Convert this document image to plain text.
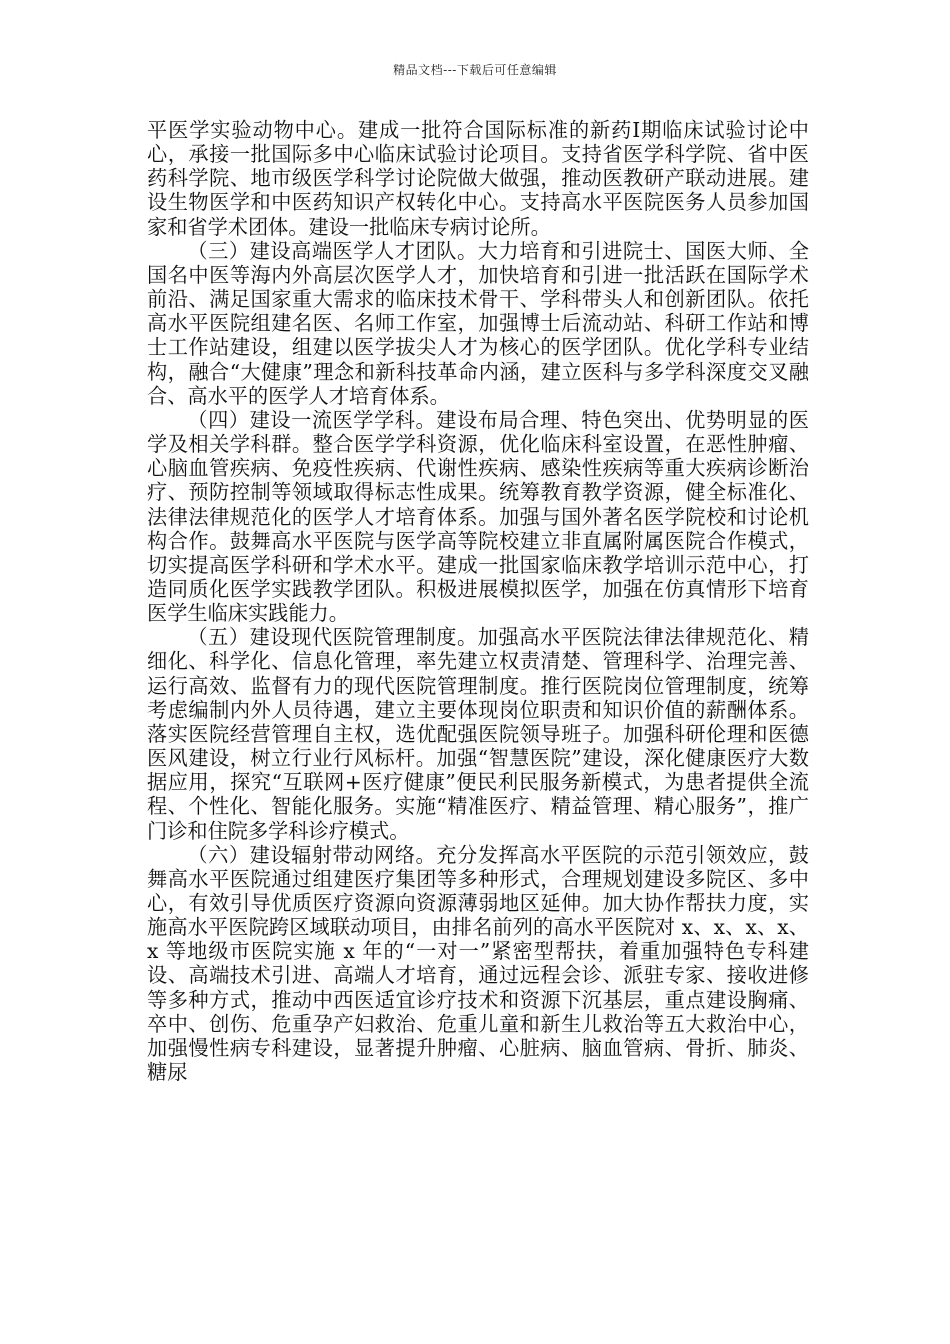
精品文档---下载后可任意编辑

平医学实验动物中心。建成一批符合国际标准的新药Ⅰ期临床试验讨论中心，承接一批国际多中心临床试验讨论项目。支持省医学科学院、省中医药科学院、地市级医学科学讨论院做大做强，推动医教研产联动进展。建设生物医学和中医药知识产权转化中心。支持高水平医院医务人员参加国家和省学术团体。建设一批临床专病讨论所。

（三）建设高端医学人才团队。大力培育和引进院士、国医大师、全国名中医等海内外高层次医学人才，加快培育和引进一批活跃在国际学术前沿、满足国家重大需求的临床技术骨干、学科带头人和创新团队。依托高水平医院组建名医、名师工作室，加强博士后流动站、科研工作站和博士工作站建设，组建以医学拔尖人才为核心的医学团队。优化学科专业结构，融合“大健康”理念和新科技革命内涵，建立医科与多学科深度交叉融合、高水平的医学人才培育体系。

（四）建设一流医学学科。建设布局合理、特色突出、优势明显的医学及相关学科群。整合医学学科资源，优化临床科室设置，在恶性肿瘤、心脑血管疾病、免疫性疾病、代谢性疾病、感染性疾病等重大疾病诊断治疗、预防控制等领域取得标志性成果。统筹教育教学资源，健全标准化、法律法律规范化的医学人才培育体系。加强与国外著名医学院校和讨论机构合作。鼓舞高水平医院与医学高等院校建立非直属附属医院合作模式，切实提高医学科研和学术水平。建成一批国家临床教学培训示范中心，打造同质化医学实践教学团队。积极进展模拟医学，加强在仿真情形下培育医学生临床实践能力。

（五）建设现代医院管理制度。加强高水平医院法律法律规范化、精细化、科学化、信息化管理，率先建立权责清楚、管理科学、治理完善、运行高效、监督有力的现代医院管理制度。推行医院岗位管理制度，统筹考虑编制内外人员待遇，建立主要体现岗位职责和知识价值的薪酬体系。落实医院经营管理自主权，选优配强医院领导班子。加强科研伦理和医德医风建设，树立行业行风标杆。加强“智慧医院”建设，深化健康医疗大数据应用，探究“互联网+医疗健康”便民利民服务新模式，为患者提供全流程、个性化、智能化服务。实施“精准医疗、精益管理、精心服务”，推广门诊和住院多学科诊疗模式。

（六）建设辐射带动网络。充分发挥高水平医院的示范引领效应，鼓舞高水平医院通过组建医疗集团等多种形式，合理规划建设多院区、多中心，有效引导优质医疗资源向资源薄弱地区延伸。加大协作帮扶力度，实施高水平医院跨区域联动项目，由排名前列的高水平医院对 x、x、x、x、x 等地级市医院实施 x 年的“一对一”紧密型帮扶，着重加强特色专科建设、高端技术引进、高端人才培育，通过远程会诊、派驻专家、接收进修等多种方式，推动中西医适宜诊疗技术和资源下沉基层，重点建设胸痛、卒中、创伤、危重孕产妇救治、危重儿童和新生儿救治等五大救治中心，加强慢性病专科建设，显著提升肿瘤、心脏病、脑血管病、骨折、肺炎、糖尿
